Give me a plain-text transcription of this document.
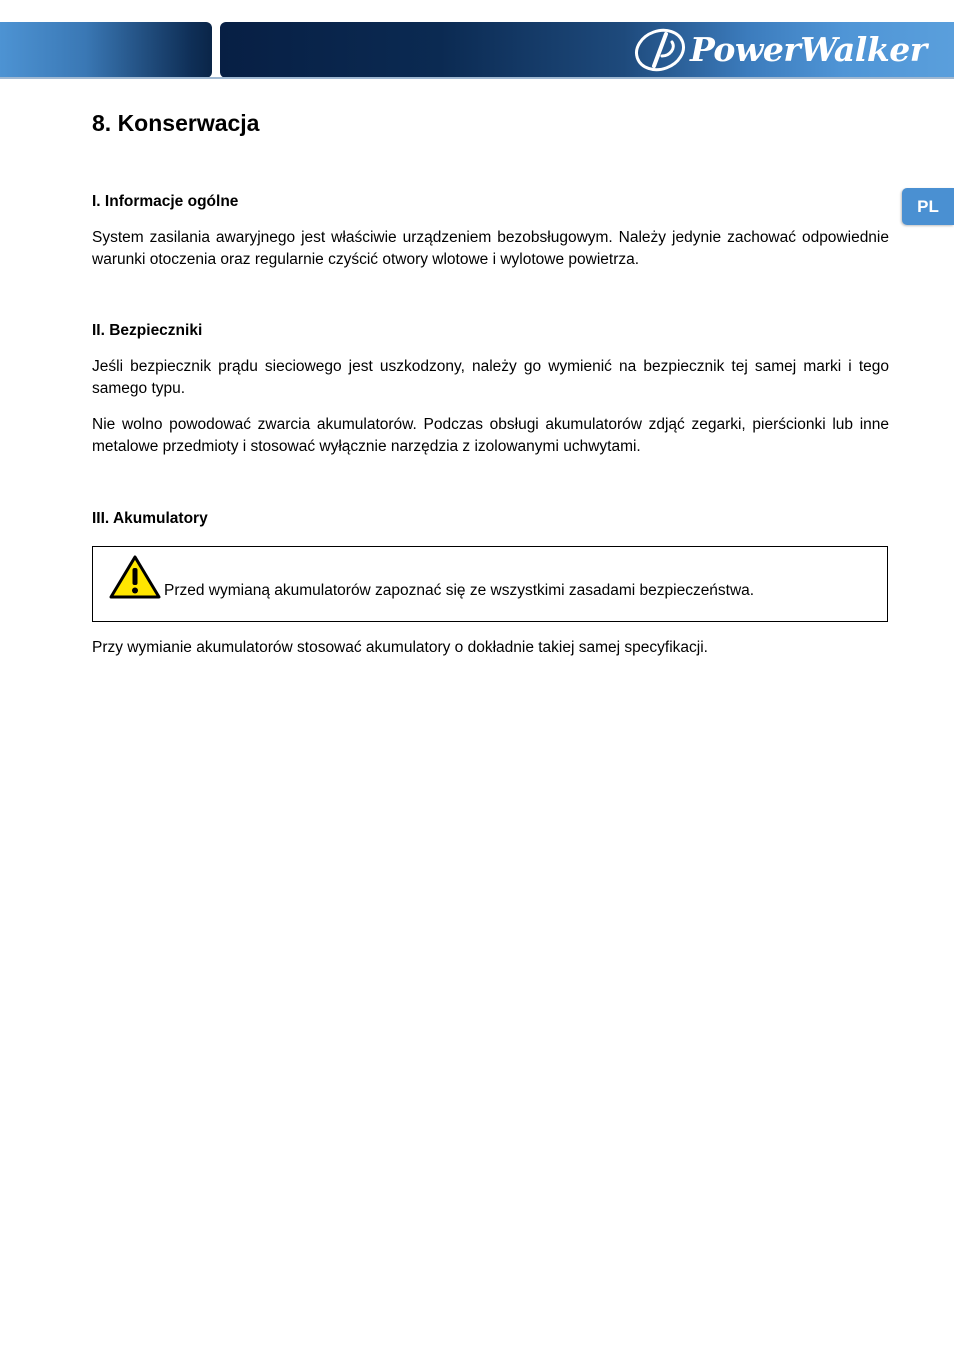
PowerWalker
PL
8. Konserwacja
I. Informacje ogólne

System zasilania awaryjnego jest właściwie urządzeniem bezobsługowym. Należy jedynie zachować odpowiednie warunki otoczenia oraz regularnie czyścić otwory wlotowe i wylotowe powietrza.

II. Bezpieczniki

Jeśli bezpiecznik prądu sieciowego jest uszkodzony, należy go wymienić na bezpiecznik tej samej marki i tego samego typu.

Nie wolno powodować zwarcia akumulatorów. Podczas obsługi akumulatorów zdjąć zegarki, pierścionki lub inne metalowe przedmioty i stosować wyłącznie narzędzia z izolowanymi uchwytami.

III. Akumulatory
Przed wymianą akumulatorów zapoznać się ze wszystkimi zasadami bezpieczeństwa.

Przy wymianie akumulatorów stosować akumulatory o dokładnie takiej samej specyfikacji.
